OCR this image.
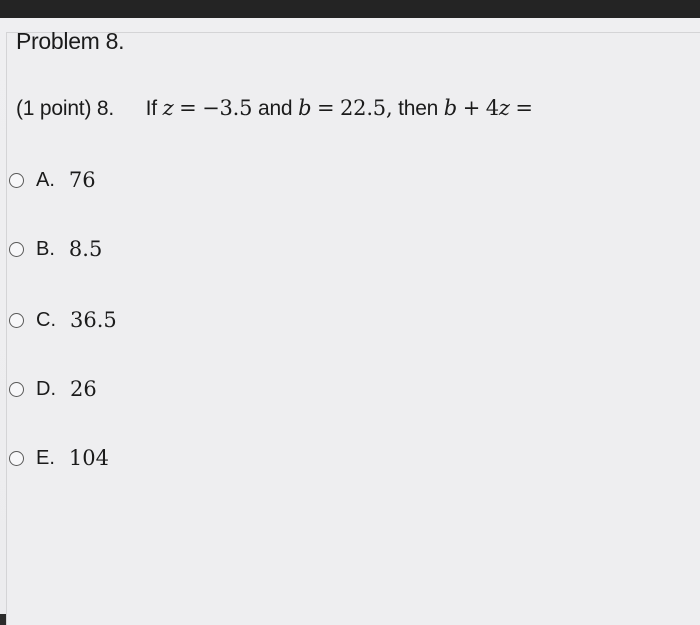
Problem 8.
(1 point) 8. If z = −3.5 and b = 22.5, then b + 4z =
A. 76
B. 8.5
C. 36.5
D. 26
E. 104
